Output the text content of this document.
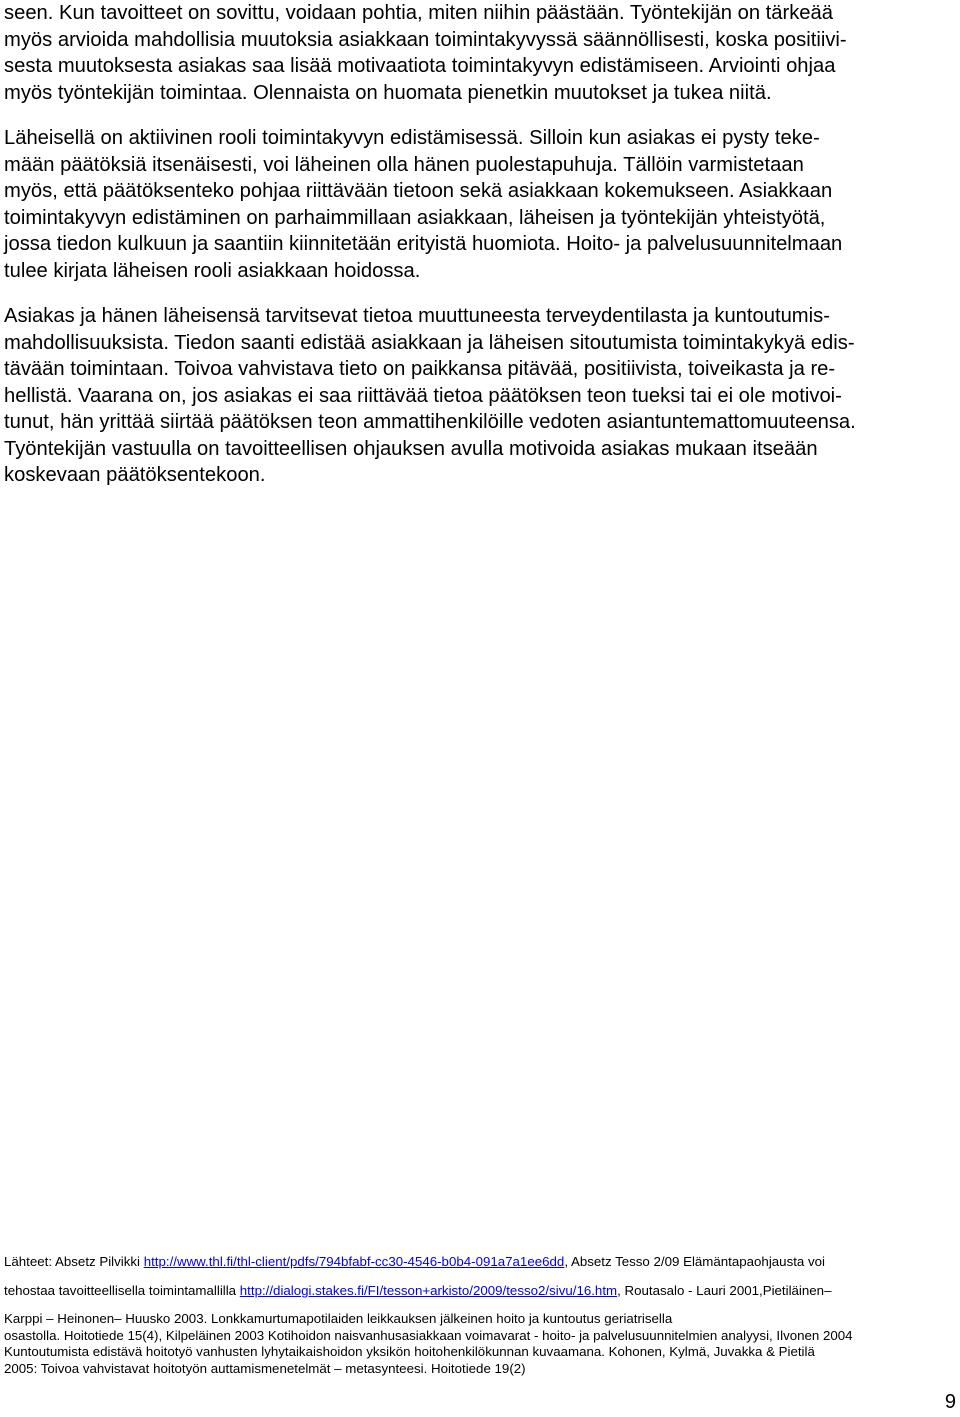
seen. Kun tavoitteet on sovittu, voidaan pohtia, miten niihin päästään. Työntekijän on tärkeää
myös arvioida mahdollisia muutoksia asiakkaan toimintakyvyssä säännöllisesti, koska positiivi-
sesta muutoksesta asiakas saa lisää motivaatiota toimintakyvyn edistämiseen. Arviointi ohjaa
myös työntekijän toimintaa. Olennaista on huomata pienetkin muutokset ja tukea niitä.
Läheisellä on aktiivinen rooli toimintakyvyn edistämisessä. Silloin kun asiakas ei pysty teke-
mään päätöksiä itsenäisesti, voi läheinen olla hänen puolestapuhuja. Tällöin varmistetaan
myös, että päätöksenteko pohjaa riittävään tietoon sekä asiakkaan kokemukseen. Asiakkaan
toimintakyvyn edistäminen on parhaimmillaan asiakkaan, läheisen ja työntekijän yhteistyötä,
jossa tiedon kulkuun ja saantiin kiinnitetään erityistä huomiota. Hoito- ja palvelusuunnitelmaan
tulee kirjata läheisen rooli asiakkaan hoidossa.
Asiakas ja hänen läheisensä tarvitsevat tietoa muuttuneesta terveydentilasta ja kuntoutumis-
mahdollisuuksista. Tiedon saanti edistää asiakkaan ja läheisen sitoutumista toimintakykyä edis-
tävään toimintaan. Toivoa vahvistava tieto on paikkansa pitävää, positiivista, toiveikasta ja re-
hellistä. Vaarana on, jos asiakas ei saa riittävää tietoa päätöksen teon tueksi tai ei ole motivoi-
tunut, hän yrittää siirtää päätöksen teon ammattihenkilöille vedoten asiantuntemattomuuteensa.
Työntekijän vastuulla on tavoitteellisen ohjauksen avulla motivoida asiakas mukaan itseään
koskevaan päätöksentekoon.
Lähteet: Absetz Pilvikki http://www.thl.fi/thl-client/pdfs/794bfabf-cc30-4546-b0b4-091a7a1ee6dd, Absetz Tesso 2/09 Elämäntapaohjausta voi
tehostaa tavoitteellisella toimintamallilla http://dialogi.stakes.fi/FI/tesson+arkisto/2009/tesso2/sivu/16.htm, Routasalo - Lauri 2001,Pietiläinen–
Karppi – Heinonen– Huusko 2003. Lonkkamurtumapotilaiden leikkauksen jälkeinen hoito ja kuntoutus geriatrisella
osastolla. Hoitotiede 15(4), Kilpeläinen 2003 Kotihoidon naisvanhusasiakkaan voimavarat - hoito- ja palvelusuunnitelmien analyysi, Ilvonen 2004
Kuntoutumista edistävä hoitotyö vanhusten lyhytaikaishoidon yksikön hoitohenkilökunnan kuvaamana. Kohonen, Kylmä, Juvakka & Pietilä
2005: Toivoa vahvistavat hoitotyön auttamismenetelmät – metasynteesi. Hoitotiede 19(2)
9
